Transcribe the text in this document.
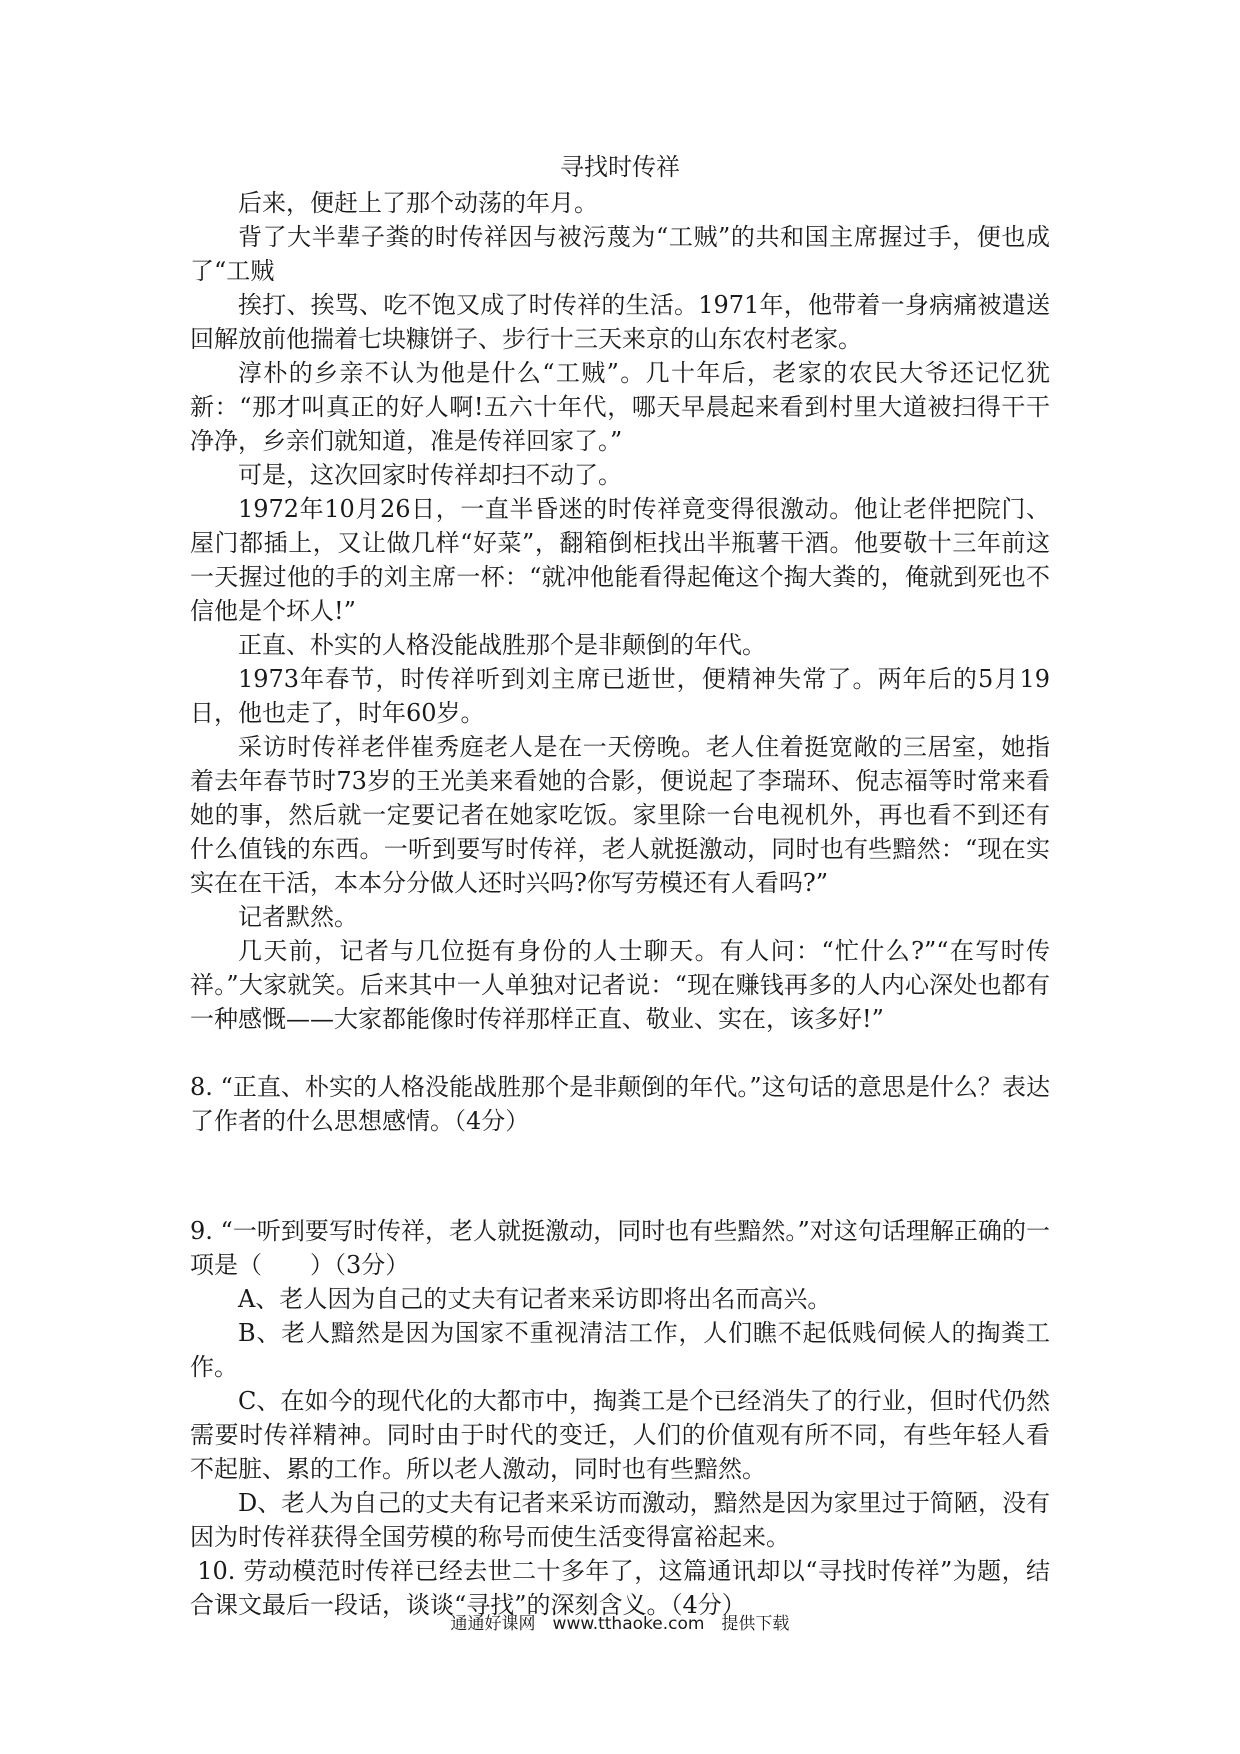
寻找时传祥

后来，便赶上了那个动荡的年月。

背了大半辈子粪的时传祥因与被污蔑为“工贼”的共和国主席握过手，便也成了“工贼

挨打、挨骂、吃不饱又成了时传祥的生活。1971年，他带着一身病痛被遣送回解放前他揣着七块糠饼子、步行十三天来京的山东农村老家。

淳朴的乡亲不认为他是什么“工贼”。几十年后，老家的农民大爷还记忆犹新：“那才叫真正的好人啊!五六十年代，哪天早晨起来看到村里大道被扫得干干净净，乡亲们就知道，准是传祥回家了。”

可是，这次回家时传祥却扫不动了。

1972年10月26日，一直半昏迷的时传祥竟变得很激动。他让老伴把院门、屋门都插上，又让做几样“好菜”，翻箱倒柜找出半瓶薯干酒。他要敬十三年前这一天握过他的手的刘主席一杯：“就冲他能看得起俺这个掏大粪的，俺就到死也不信他是个坏人!”

正直、朴实的人格没能战胜那个是非颠倒的年代。

1973年春节，时传祥听到刘主席已逝世，便精神失常了。两年后的5月19日，他也走了，时年60岁。

采访时传祥老伴崔秀庭老人是在一天傍晚。老人住着挺宽敞的三居室，她指着去年春节时73岁的王光美来看她的合影，便说起了李瑞环、倪志福等时常来看她的事，然后就一定要记者在她家吃饭。家里除一台电视机外，再也看不到还有什么值钱的东西。一听到要写时传祥，老人就挺激动，同时也有些黯然：“现在实实在在干活，本本分分做人还时兴吗?你写劳模还有人看吗?”

记者默然。

几天前，记者与几位挺有身份的人士聊天。有人问：“忙什么?”“在写时传祥。”大家就笑。后来其中一人单独对记者说：“现在赚钱再多的人内心深处也都有一种感慨——大家都能像时传祥那样正直、敬业、实在，该多好!”

8. “正直、朴实的人格没能战胜那个是非颠倒的年代。”这句话的意思是什么？表达了作者的什么思想感情。（4分）

9. “一听到要写时传祥，老人就挺激动，同时也有些黯然。”对这句话理解正确的一项是（　　）（3分）

A、老人因为自己的丈夫有记者来采访即将出名而高兴。

B、老人黯然是因为国家不重视清洁工作，人们瞧不起低贱伺候人的掏粪工作。

C、在如今的现代化的大都市中，掏粪工是个已经消失了的行业，但时代仍然需要时传祥精神。同时由于时代的变迁，人们的价值观有所不同，有些年轻人看不起脏、累的工作。所以老人激动，同时也有些黯然。

D、老人为自己的丈夫有记者来采访而激动，黯然是因为家里过于简陋，没有因为时传祥获得全国劳模的称号而使生活变得富裕起来。

10. 劳动模范时传祥已经去世二十多年了，这篇通讯却以“寻找时传祥”为题，结合课文最后一段话，谈谈“寻找”的深刻含义。（4分）

通通好课网　www.tthaoke.com　提供下载
